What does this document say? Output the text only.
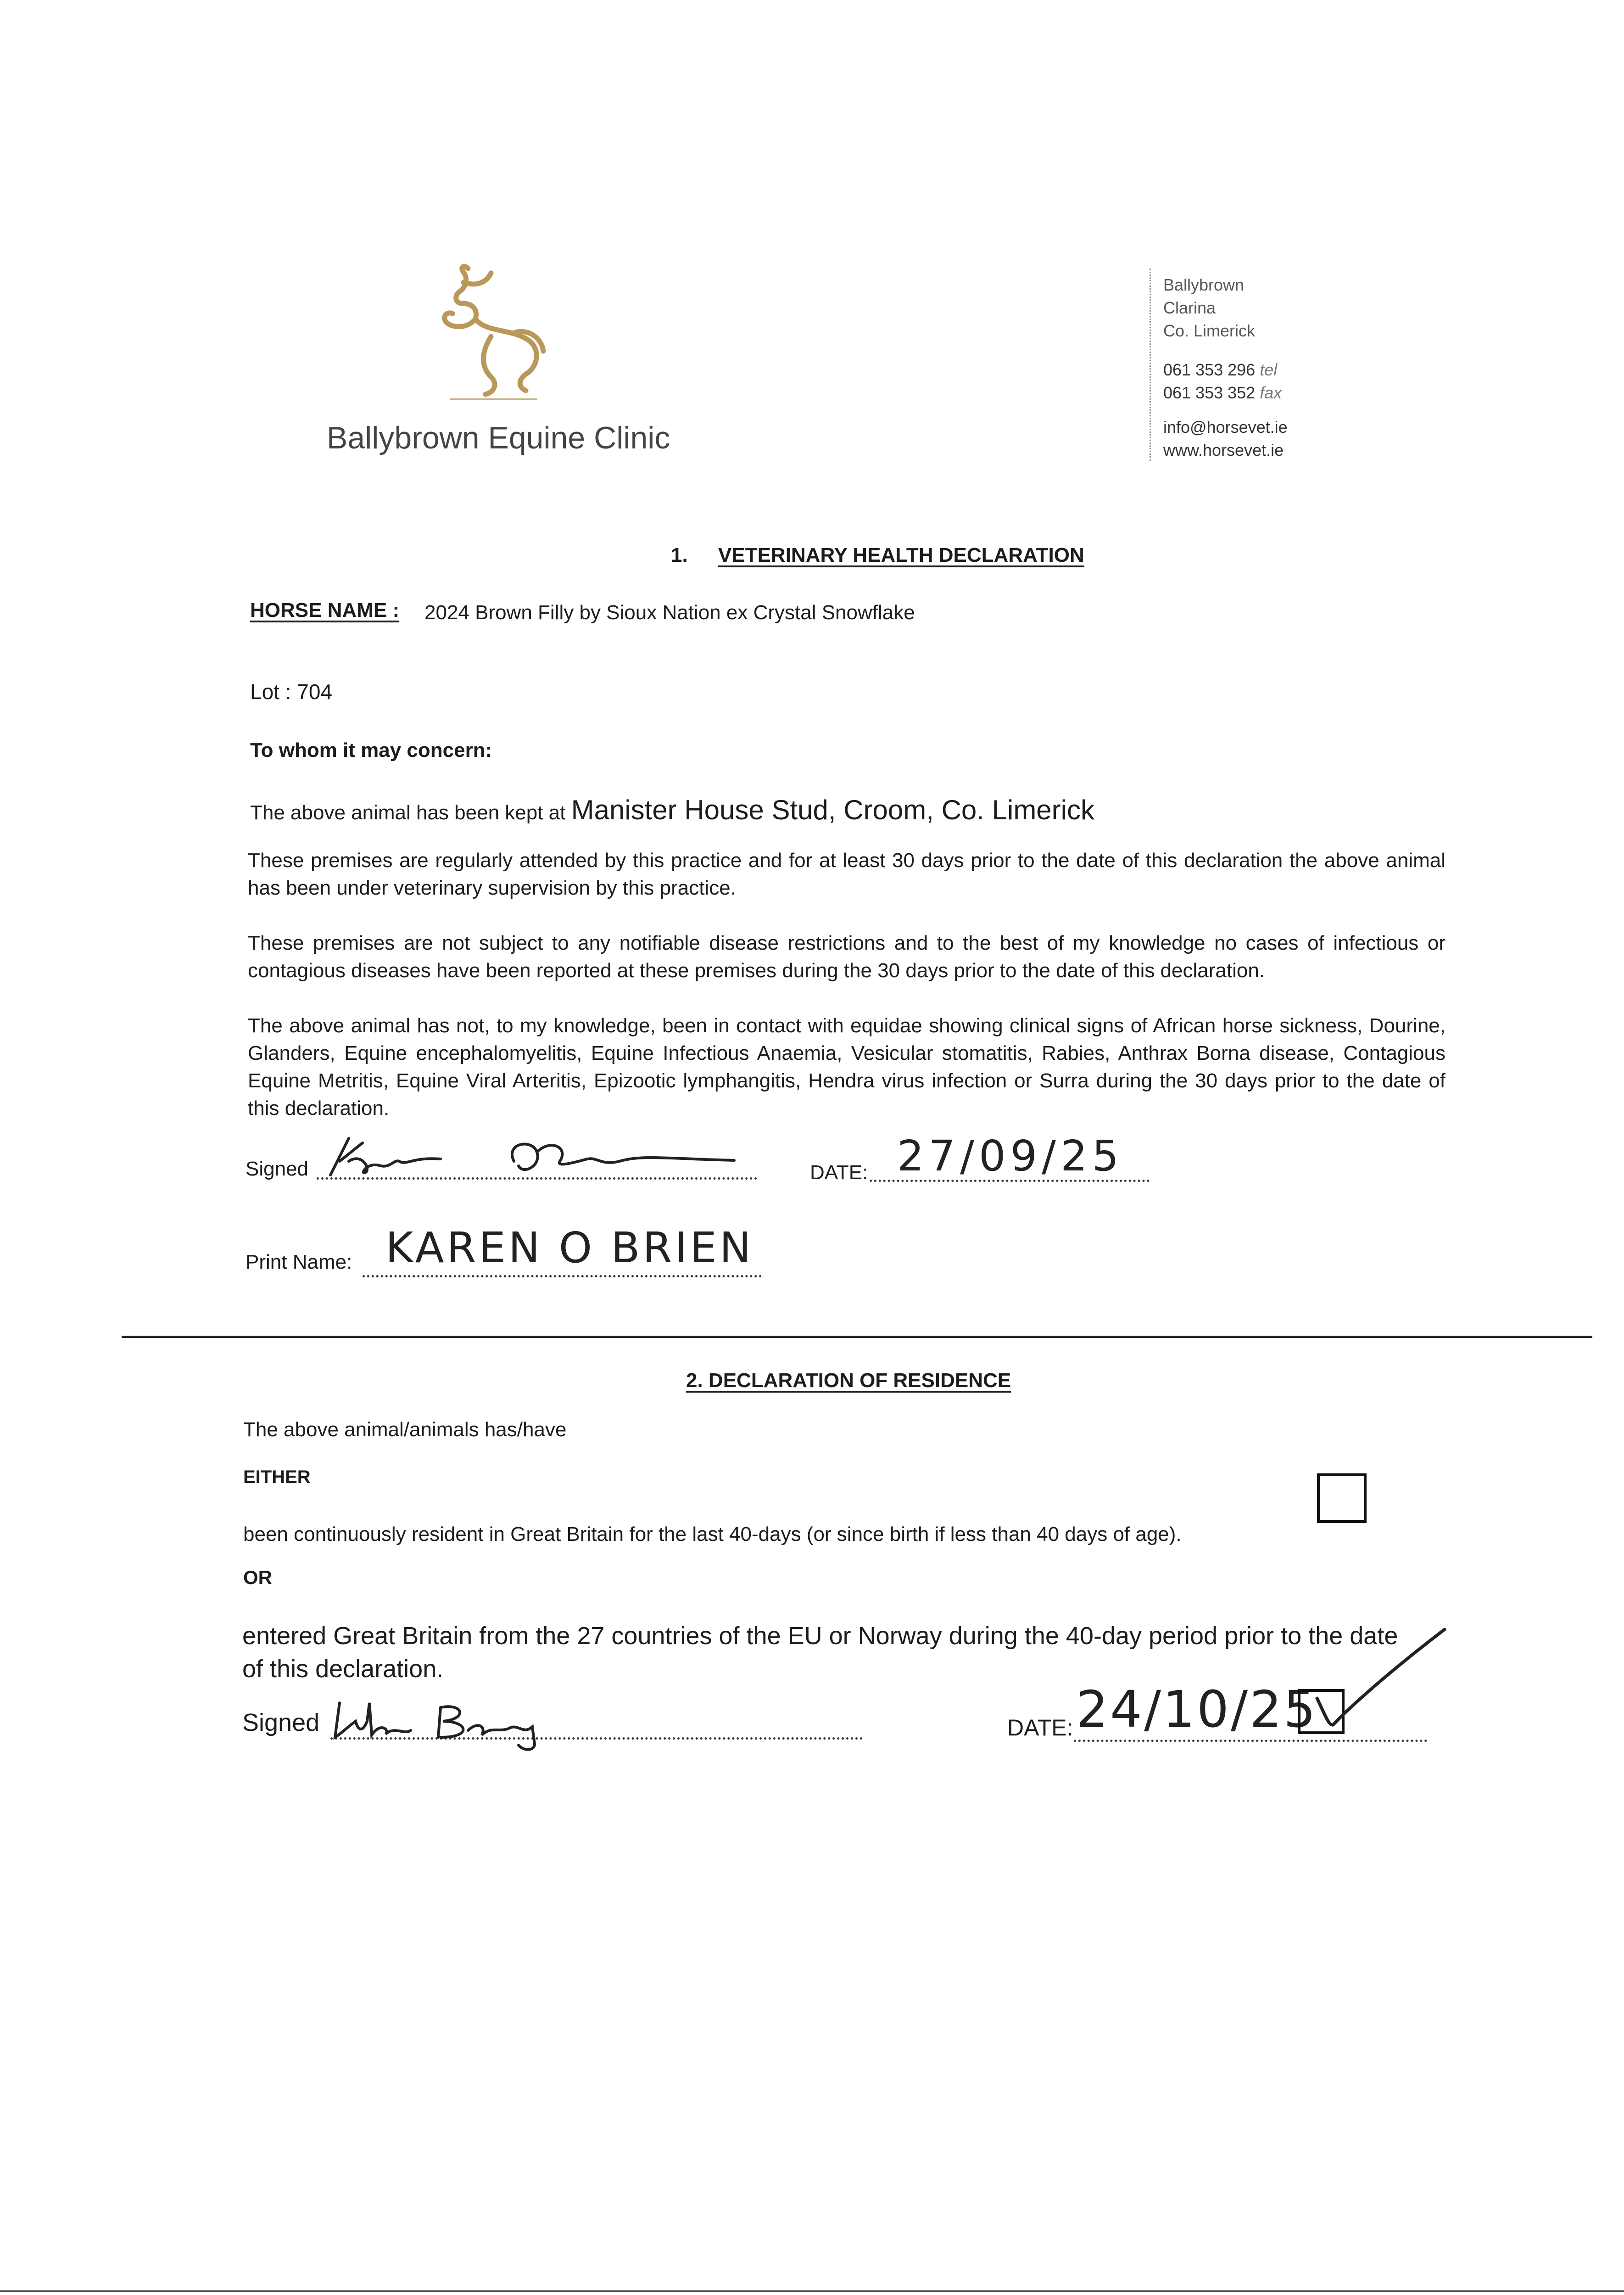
Ballybrown Equine Clinic
Ballybrown
Clarina
Co. Limerick
061 353 296 tel
061 353 352 fax
info@horsevet.ie
www.horsevet.ie
1. VETERINARY HEALTH DECLARATION
HORSE NAME : 2024 Brown Filly by Sioux Nation ex Crystal Snowflake
Lot : 704
To whom it may concern:
The above animal has been kept at Manister House Stud, Croom, Co. Limerick
These premises are regularly attended by this practice and for at least 30 days prior to the date of this declaration the above animal has been under veterinary supervision by this practice.
These premises are not subject to any notifiable disease restrictions and to the best of my knowledge no cases of infectious or contagious diseases have been reported at these premises during the 30 days prior to the date of this declaration.
The above animal has not, to my knowledge, been in contact with equidae showing clinical signs of African horse sickness, Dourine, Glanders, Equine encephalomyelitis, Equine Infectious Anaemia, Vesicular stomatitis, Rabies, Anthrax Borna disease, Contagious Equine Metritis, Equine Viral Arteritis, Epizootic lymphangitis, Hendra virus infection or Surra during the 30 days prior to the date of this declaration.
Signed	DATE: 27/09/25
Print Name: KAREN O BRIEN
2. DECLARATION OF RESIDENCE
The above animal/animals has/have
EITHER
been continuously resident in Great Britain for the last 40-days (or since birth if less than 40 days of age).
OR
entered Great Britain from the 27 countries of the EU or Norway during the 40-day period prior to the date of this declaration.
Signed	DATE: 24/10/25
